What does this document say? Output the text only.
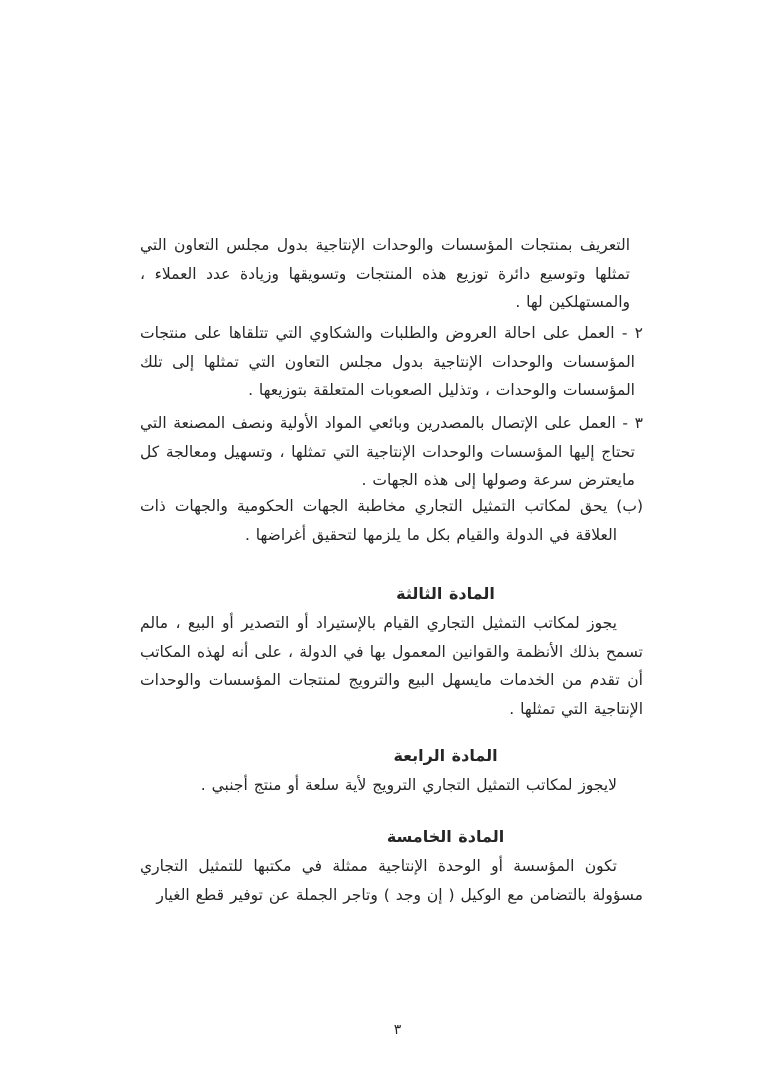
التعريف بمنتجات المؤسسات والوحدات الإنتاجية بدول مجلس التعاون التي تمثلها وتوسيع دائرة توزيع هذه المنتجات وتسويقها وزيادة عدد العملاء ، والمستهلكين لها .

٢ - العمل على احالة العروض والطلبات والشكاوي التي تتلقاها على منتجات المؤسسات والوحدات الإنتاجية بدول مجلس التعاون التي تمثلها إلى تلك المؤسسات والوحدات ، وتذليل الصعوبات المتعلقة بتوزيعها .

٣ - العمل على الإتصال بالمصدرين وبائعي المواد الأولية ونصف المصنعة التي تحتاج إليها المؤسسات والوحدات الإنتاجية التي تمثلها ، وتسهيل ومعالجة كل مايعترض سرعة وصولها إلى هذه الجهات .

(ب) يحق لمكاتب التمثيل التجاري مخاطبة الجهات الحكومية والجهات ذات العلاقة في الدولة والقيام بكل ما يلزمها لتحقيق أغراضها .

المادة الثالثة

يجوز لمكاتب التمثيل التجاري القيام بالإستيراد أو التصدير أو البيع ، مالم تسمح بذلك الأنظمة والقوانين المعمول بها في الدولة ، على أنه لهذه المكاتب أن تقدم من الخدمات مايسهل البيع والترويج لمنتجات المؤسسات والوحدات الإنتاجية التي تمثلها .

المادة الرابعة

لايجوز لمكاتب التمثيل التجاري الترويج لأية سلعة أو منتج أجنبي .

المادة الخامسة

تكون المؤسسة أو الوحدة الإنتاجية ممثلة في مكتبها للتمثيل التجاري مسؤولة بالتضامن مع الوكيل ( إن وجد ) وتاجر الجملة عن توفير قطع الغيار

٣
